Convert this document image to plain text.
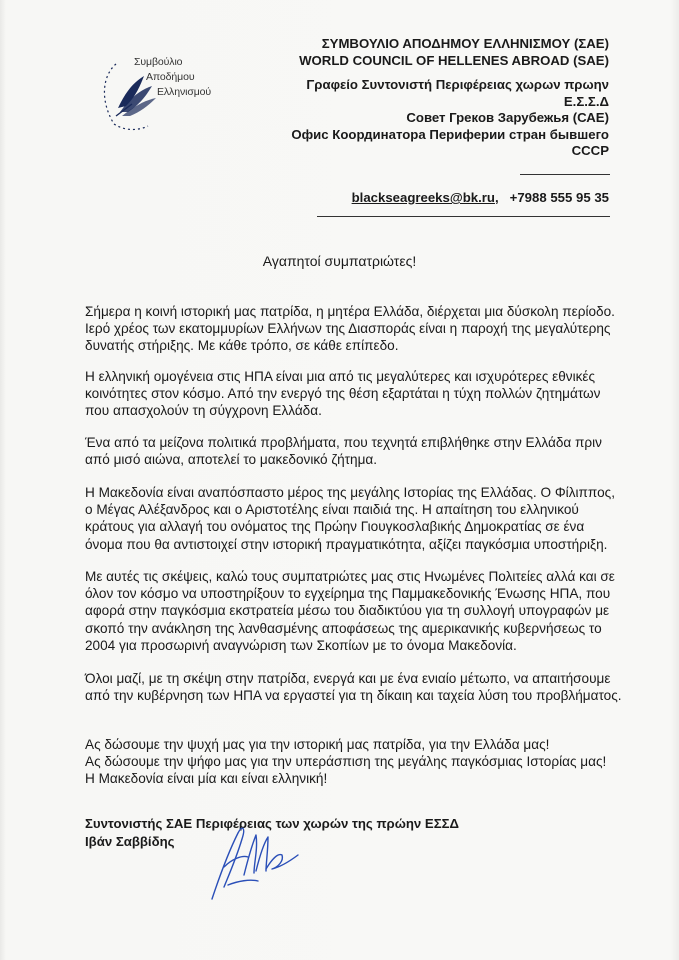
Συμβούλιο
Αποδήμου
Ελληνισμού
ΣΥΜΒΟΥΛΙΟ ΑΠΟΔΗΜΟΥ ΕΛΛΗΝΙΣΜΟΥ (ΣΑΕ)
WORLD COUNCIL OF HELLENES ABROAD (SAE)
Γραφείο Συντονιστή Περιφέρειας χωρων πρωην
Ε.Σ.Σ.Δ
Совет Греков Зарубежья (САЕ)
Офис Координатора Периферии стран бывшего
СССР
blackseagreeks@bk.ru, +7988 555 95 35
Αγαπητοί συμπατριώτες!

Σήμερα η κοινή ιστορική μας πατρίδα, η μητέρα Ελλάδα, διέρχεται μια δύσκολη περίοδο. Ιερό χρέος των εκατομμυρίων Ελλήνων της Διασποράς είναι η παροχή της μεγαλύτερης δυνατής στήριξης. Με κάθε τρόπο, σε κάθε επίπεδο.

Η ελληνική ομογένεια στις ΗΠΑ είναι μια από τις μεγαλύτερες και ισχυρότερες εθνικές κοινότητες στον κόσμο. Από την ενεργό της θέση εξαρτάται η τύχη πολλών ζητημάτων που απασχολούν τη σύγχρονη Ελλάδα.

Ένα από τα μείζονα πολιτικά προβλήματα, που τεχνητά επιβλήθηκε στην Ελλάδα πριν από μισό αιώνα, αποτελεί το μακεδονικό ζήτημα.

Η Μακεδονία είναι αναπόσπαστο μέρος της μεγάλης Ιστορίας της Ελλάδας. Ο Φίλιππος, ο Μέγας Αλέξανδρος και ο Αριστοτέλης είναι παιδιά της. Η απαίτηση του ελληνικού κράτους για αλλαγή του ονόματος της Πρώην Γιουγκοσλαβικής Δημοκρατίας σε ένα όνομα που θα αντιστοιχεί στην ιστορική πραγματικότητα, αξίζει παγκόσμια υποστήριξη.

Με αυτές τις σκέψεις, καλώ τους συμπατριώτες μας στις Ηνωμένες Πολιτείες αλλά και σε όλον τον κόσμο να υποστηρίξουν το εγχείρημα της Παμμακεδονικής Ένωσης ΗΠΑ, που αφορά στην παγκόσμια εκστρατεία μέσω του διαδικτύου για τη συλλογή υπογραφών με σκοπό την ανάκληση της λανθασμένης αποφάσεως της αμερικανικής κυβερνήσεως το 2004 για προσωρινή αναγνώριση των Σκοπίων με το όνομα Μακεδονία.

Όλοι μαζί, με τη σκέψη στην πατρίδα, ενεργά και με ένα ενιαίο μέτωπο, να απαιτήσουμε από την κυβέρνηση των ΗΠΑ να εργαστεί για τη δίκαιη και ταχεία λύση του προβλήματος.

Ας δώσουμε την ψυχή μας για την ιστορική μας πατρίδα, για την Ελλάδα μας!
Ας δώσουμε την ψήφο μας για την υπεράσπιση της μεγάλης παγκόσμιας Ιστορίας μας!
Η Μακεδονία είναι μία και είναι ελληνική!
Συντονιστής ΣΑΕ Περιφέρειας των χωρών της πρώην ΕΣΣΔ
Ιβάν Σαββίδης
